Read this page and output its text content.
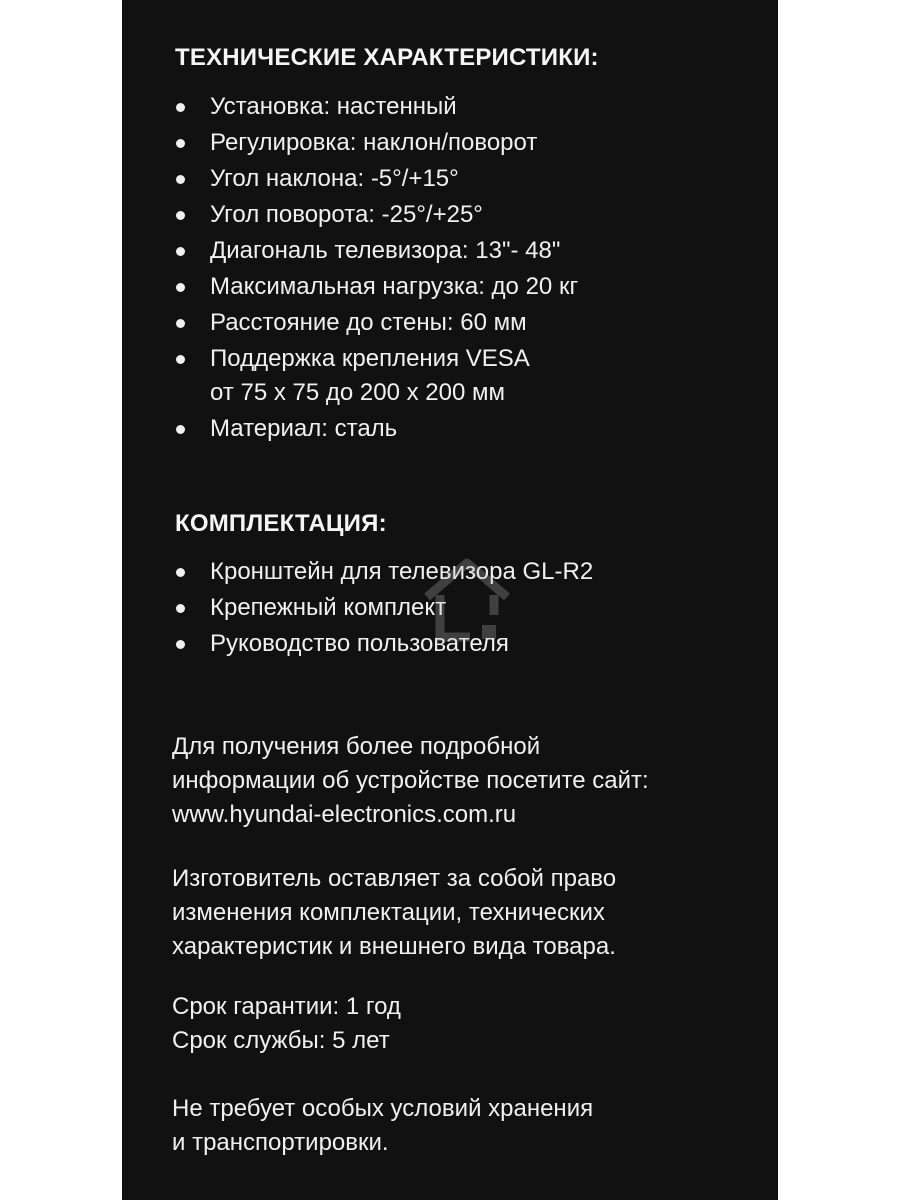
ТЕХНИЧЕСКИЕ ХАРАКТЕРИСТИКИ:
Установка: настенный
Регулировка: наклон/поворот
Угол наклона: -5°/+15°
Угол поворота: -25°/+25°
Диагональ телевизора: 13"- 48"
Максимальная нагрузка: до 20 кг
Расстояние до стены: 60 мм
Поддержка крепления VESA
от 75 х 75 до 200 х 200 мм
Материал: сталь
КОМПЛЕКТАЦИЯ:
Кронштейн для телевизора GL-R2
Крепежный комплект
Руководство пользователя

Для получения более подробной
информации об устройстве посетите сайт:
www.hyundai-electronics.com.ru

Изготовитель оставляет за собой право
изменения комплектации, технических
характеристик и внешнего вида товара.

Срок гарантии: 1 год
Срок службы: 5 лет

Не требует особых условий хранения
и транспортировки.
